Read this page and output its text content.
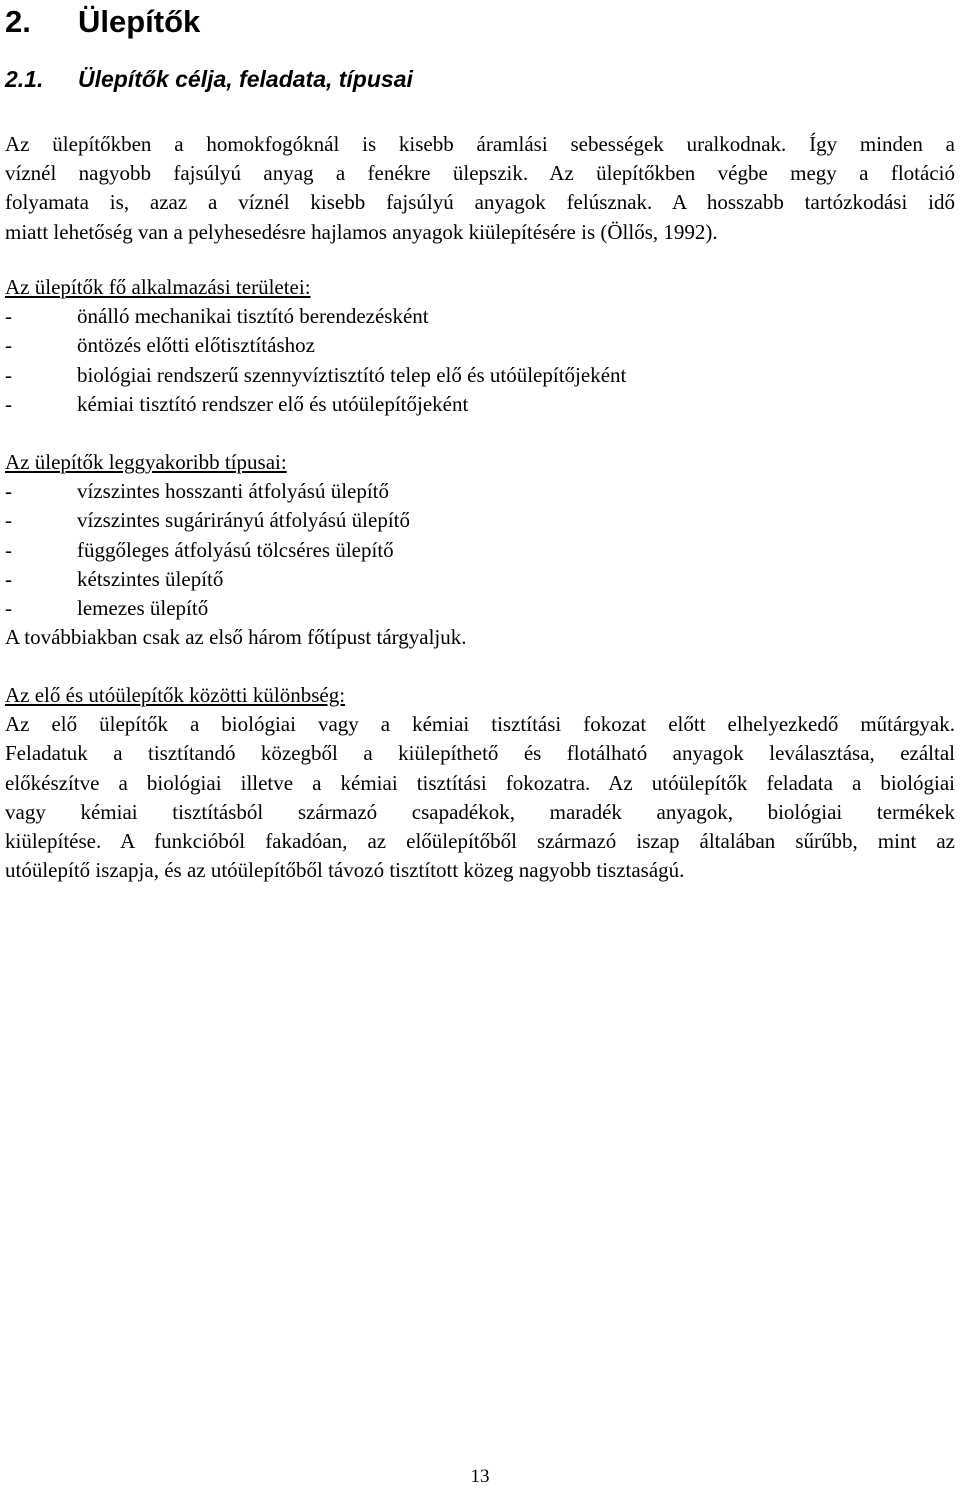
2. Ülepítők
2.1. Ülepítők célja, feladata, típusai
Az ülepítőkben a homokfogóknál is kisebb áramlási sebességek uralkodnak. Így minden a
víznél nagyobb fajsúlyú anyag a fenékre ülepszik. Az ülepítőkben végbe megy a flotáció
folyamata is, azaz a víznél kisebb fajsúlyú anyagok felúsznak. A hosszabb tartózkodási idő
miatt lehetőség van a pelyhesedésre hajlamos anyagok kiülepítésére is (Öllős, 1992).
Az ülepítők fő alkalmazási területei:
-	önálló mechanikai tisztító berendezésként
-	öntözés előtti előtisztításhoz
-	biológiai rendszerű szennyvíztisztító telep elő és utóülepítőjeként
-	kémiai tisztító rendszer elő és utóülepítőjeként
Az ülepítők leggyakoribb típusai:
-	vízszintes hosszanti átfolyású ülepítő
-	vízszintes sugárirányú átfolyású ülepítő
-	függőleges átfolyású tölcséres ülepítő
-	kétszintes ülepítő
-	lemezes ülepítő
A továbbiakban csak az első három főtípust tárgyaljuk.
Az elő és utóülepítők közötti különbség:
Az elő ülepítők a biológiai vagy a kémiai tisztítási fokozat előtt elhelyezkedő műtárgyak.
Feladatuk a tisztítandó közegből a kiülepíthető és flotálható anyagok leválasztása, ezáltal
előkészítve a biológiai illetve a kémiai tisztítási fokozatra. Az utóülepítők feladata a biológiai
vagy kémiai tisztításból származó csapadékok, maradék anyagok, biológiai termékek
kiülepítése. A funkcióból fakadóan, az előülepítőből származó iszap általában sűrűbb, mint az
utóülepítő iszapja, és az utóülepítőből távozó tisztított közeg nagyobb tisztaságú.
13
